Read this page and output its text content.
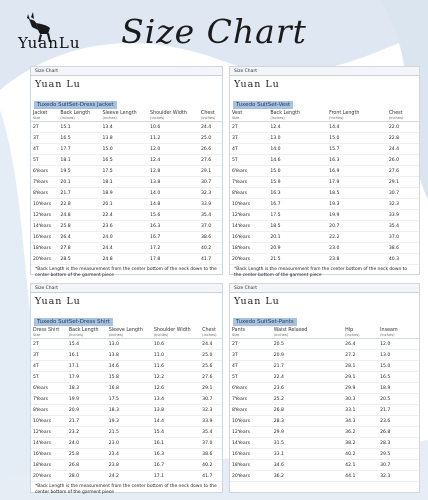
YuanLu	Size Chart
Size Chart
Yuan Lu
Tuxedo SuitSet-Dress Jacket
Jacket	Back Length	Sleeve Length	Shoulder Width	Chest
Size	(inches)	(inches)	(inches)	(inches)
2T	15.1	13.4	10.6	24.4
3T	16.5	13.8	11.2	25.0
4T	17.7	15.0	12.0	26.6
5T	18.1	16.5	12.4	27.6
6Years	19.5	17.5	12.8	29.1
7Years	20.1	18.1	13.8	30.7
8Years	21.7	18.9	14.0	32.3
10Years	22.8	20.1	14.8	33.9
12Years	24.8	22.4	15.6	35.4
14Years	25.8	23.6	16.3	37.0
16Years	26.4	24.0	16.7	38.6
18Years	27.8	24.4	17.2	40.2
20Years	28.5	24.8	17.8	41.7
*Back Length is the measurement from the center bottom of the neck down to the center bottom of the garment piece
Size Chart
Yuan Lu
Tuxedo SuitSet-Vest
Vest	Back Length	Front Length	Chest
Size	(inches)	(inches)	(inches)
2T	12.4	14.4	22.0
3T	13.0	15.0	22.8
4T	14.0	15.7	24.4
5T	14.6	16.3	26.0
6Years	15.0	16.9	27.6
7Years	15.9	17.9	29.1
8Years	16.3	18.5	30.7
10Years	16.7	19.3	32.3
12Years	17.5	19.9	33.9
14Years	18.5	20.7	35.4
16Years	20.1	22.2	37.0
18Years	20.9	23.0	38.6
20Years	21.5	23.8	40.3
*Back Length is the measurement from the center bottom of the neck down to the center bottom of the garment piece
Size Chart
Yuan Lu
Tuxedo SuitSet-Dress Shirt
Dress Shirt	Back Length	Sleeve Length	Shoulder Width	Chest
Size	(inches)	(inches)	(inches)	(inches)
2T	15.4	13.0	10.6	24.4
3T	16.1	13.8	11.0	25.0
4T	17.1	14.6	11.6	25.6
5T	17.9	15.8	12.2	27.6
6Years	18.3	16.8	12.6	29.1
7Years	19.9	17.5	13.4	30.7
8Years	20.9	18.3	13.8	32.3
10Years	21.7	19.3	14.4	33.9
12Years	23.2	21.5	15.4	35.4
14Years	24.0	23.0	16.1	37.0
16Years	25.8	23.4	16.3	38.6
18Years	26.8	23.8	16.7	40.2
20Years	28.0	24.2	17.1	41.7
*Back Length is the measurement from the center bottom of the neck down to the center bottom of the garment piece
Size Chart
Yuan Lu
Tuxedo SuitSet-Pants
Pants	Waist Relaxed	Hip	Inseam
Size	(inches)	(inches)	(inches)
2T	20.5	26.4	12.0
3T	20.9	27.2	13.0
4T	21.7	28.1	15.0
5T	22.4	29.1	16.5
6Years	23.6	29.9	18.9
7Years	25.2	30.3	20.5
8Years	26.8	33.1	21.7
10Years	28.3	34.3	23.6
12Years	29.9	36.2	26.8
14Years	31.5	38.2	28.3
16Years	33.1	40.2	29.5
18Years	34.6	42.1	30.7
20Years	36.2	44.1	32.3
